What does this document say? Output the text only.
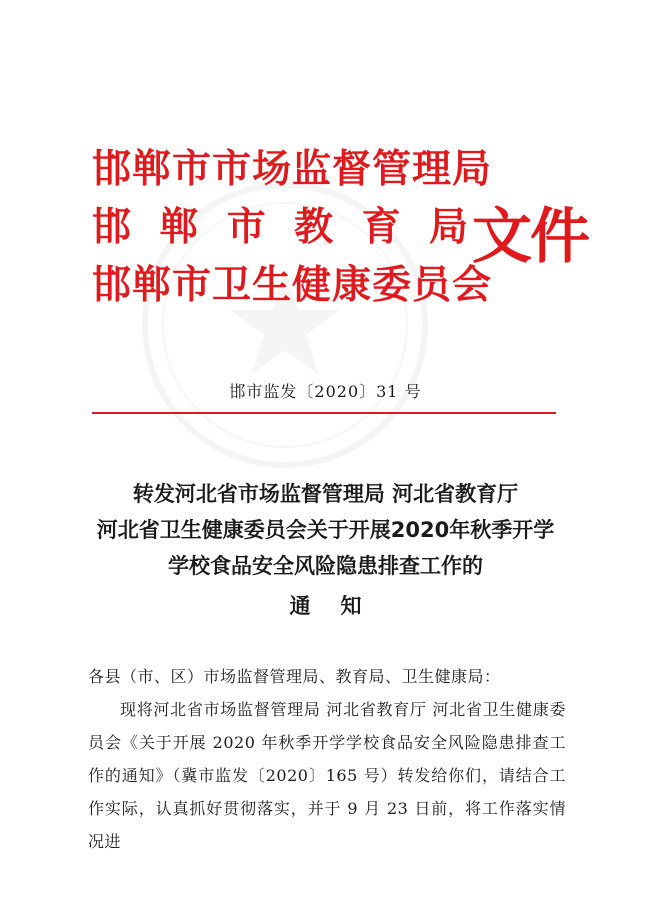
邯郸市市场监督管理局
邯 郸 市 教 育 局
邯郸市卫生健康委员会
文件
邯市监发〔2020〕31 号
转发河北省市场监督管理局 河北省教育厅
河北省卫生健康委员会关于开展2020年秋季开学
学校食品安全风险隐患排查工作的
通知
各县（市、区）市场监督管理局、教育局、卫生健康局：
现将河北省市场监督管理局 河北省教育厅 河北省卫生健康委员会《关于开展 2020 年秋季开学学校食品安全风险隐患排查工作的通知》（冀市监发〔2020〕165 号）转发给你们，请结合工作实际，认真抓好贯彻落实，并于 9 月 23 日前，将工作落实情况进
